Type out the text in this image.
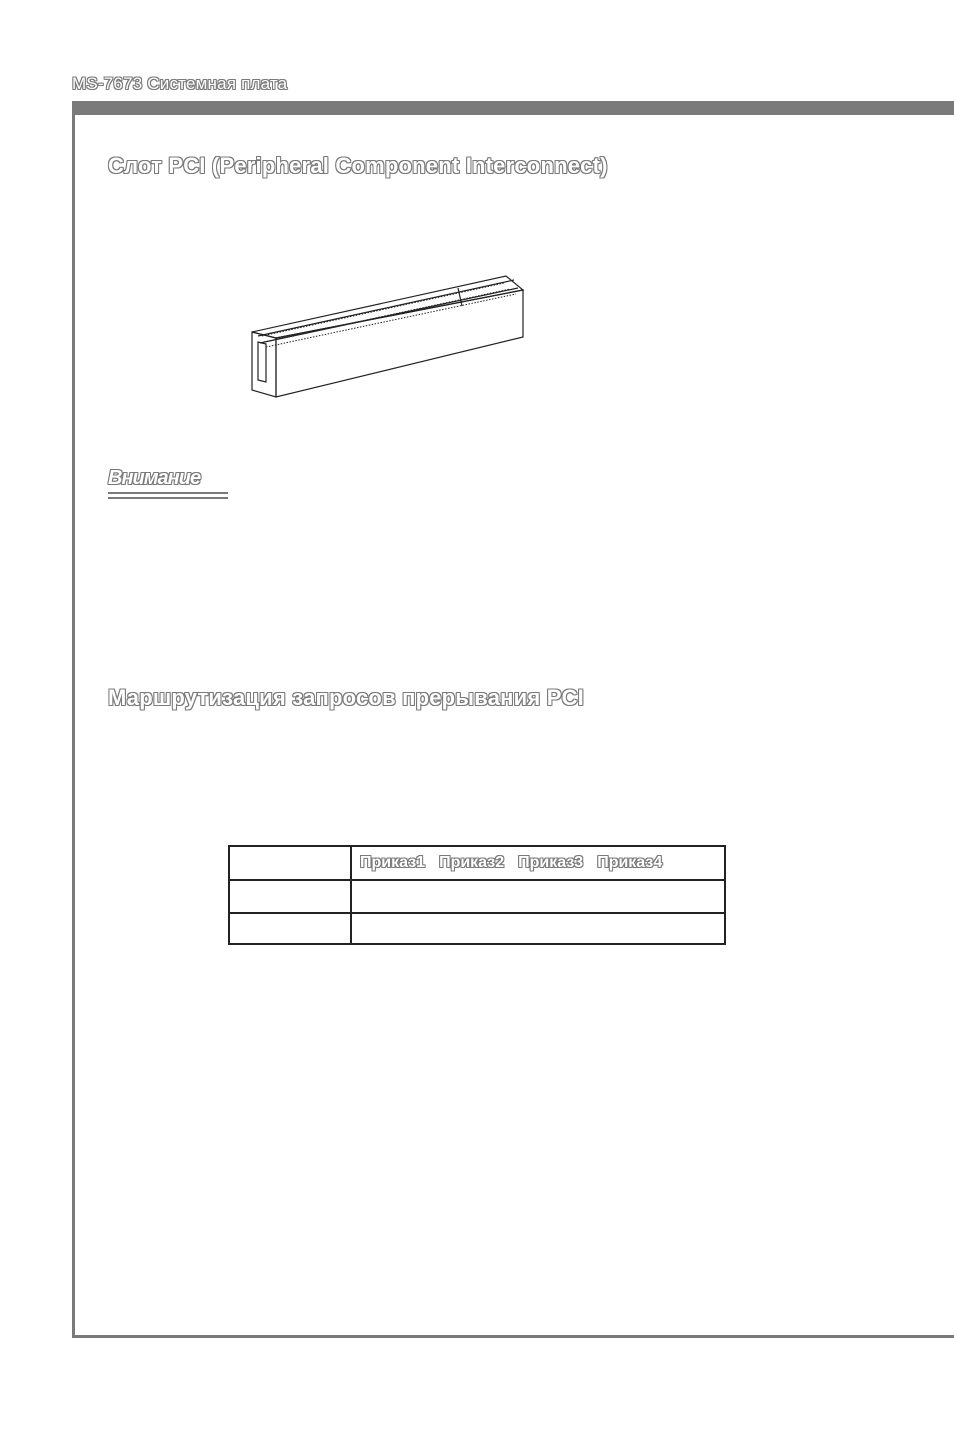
MS-7673 Системная плата
Слот PCI (Peripheral Component Interconnect)
Внимание
Маршрутизация запросов прерывания PCI
Приказ1 Приказ2 Приказ3 Приказ4
